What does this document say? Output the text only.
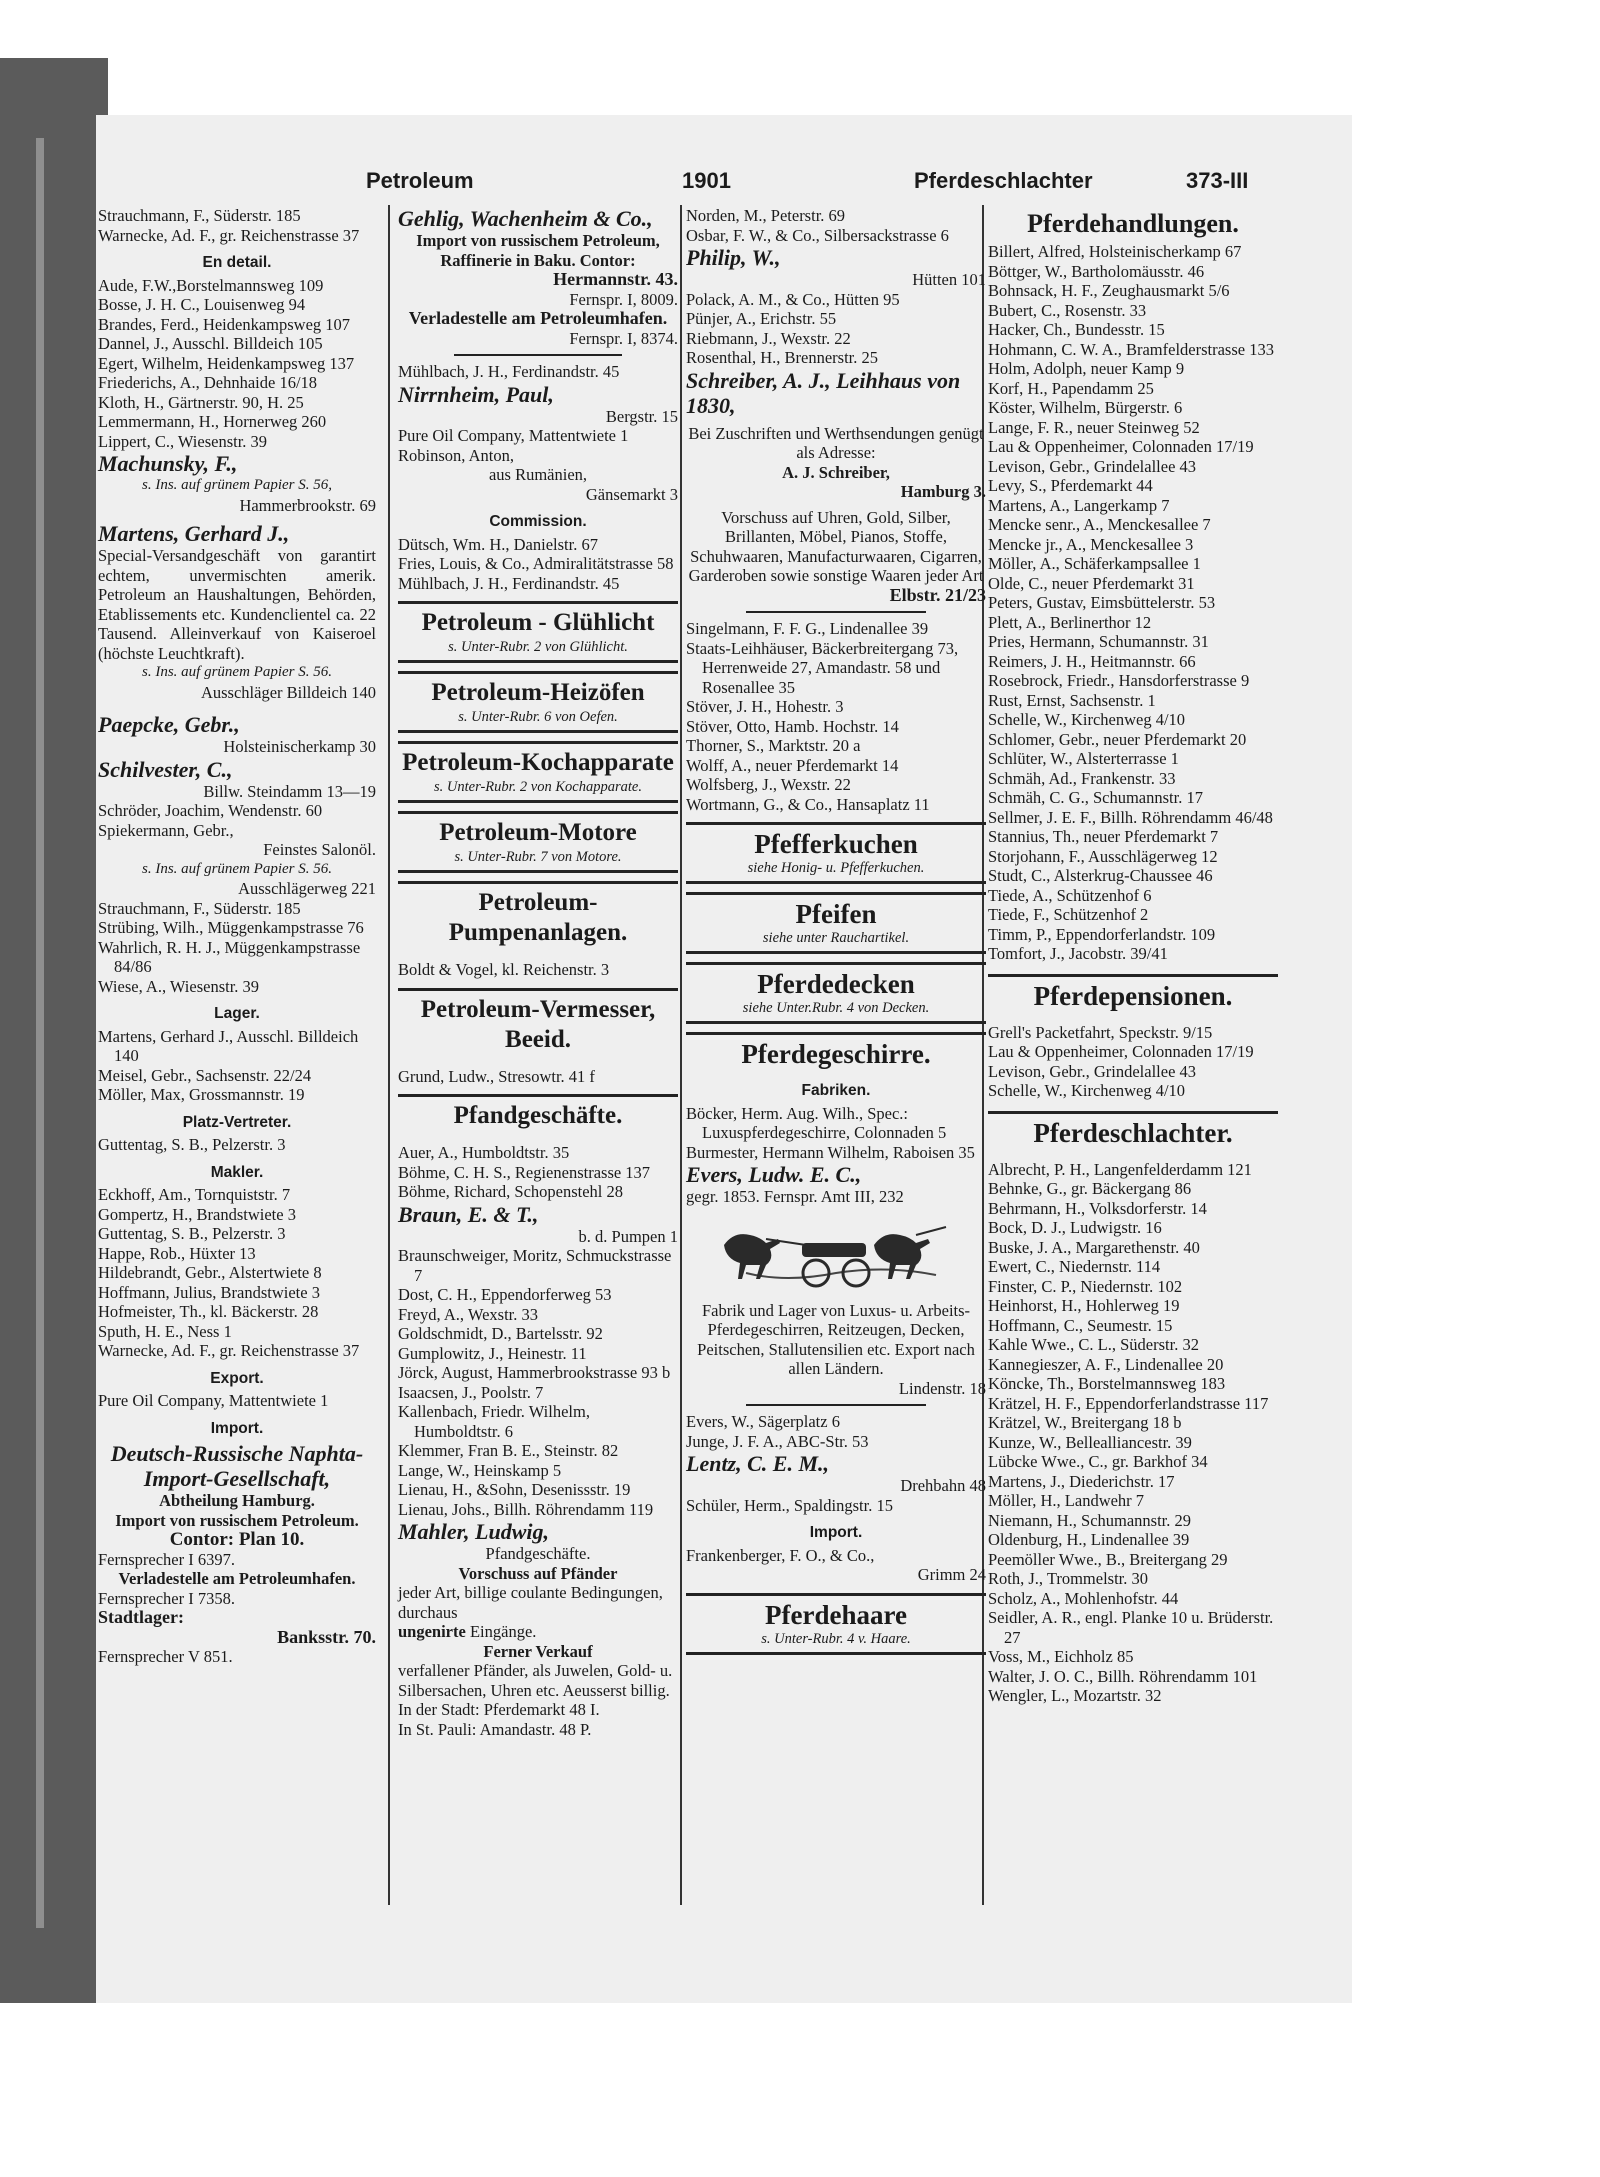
Petroleum	1901	Pferdeschlachter	373-III
Strauchmann, F., Süderstr. 185
Warnecke, Ad. F., gr. Reichenstrasse 37
En detail.
Aude, F.W.,Borstelmannsweg 109
Bosse, J. H. C., Louisenweg 94
Brandes, Ferd., Heidenkampsweg 107
Dannel, J., Ausschl. Billdeich 105
Egert, Wilhelm, Heidenkampsweg 137
Friederichs, A., Dehnhaide 16/18
Kloth, H., Gärtnerstr. 90, H. 25
Lemmermann, H., Hornerweg 260
Lippert, C., Wiesenstr. 39
Machunsky, F.,
s. Ins. auf grünem Papier S. 56,
Hammerbrookstr. 69
Martens, Gerhard J.,
Special-Versandgeschäft von garantirt echtem, unvermischten amerik. Petroleum an Haushaltungen, Behörden, Etablissements etc. Kundenclientel ca. 22 Tausend. Alleinverkauf von Kaiseroel (höchste Leuchtkraft).
s. Ins. auf grünem Papier S. 56.
Ausschläger Billdeich 140
Paepcke, Gebr.,
Holsteinischerkamp 30
Schilvester, C.,
Billw. Steindamm 13—19
Schröder, Joachim, Wendenstr. 60
Spiekermann, Gebr.,
Feinstes Salonöl.
s. Ins. auf grünem Papier S. 56.
Ausschlägerweg 221
Strauchmann, F., Süderstr. 185
Strübing, Wilh., Müggenkampstrasse 76
Wahrlich, R. H. J., Müggenkampstrasse 84/86
Wiese, A., Wiesenstr. 39
Lager.
Martens, Gerhard J., Ausschl. Billdeich 140
Meisel, Gebr., Sachsenstr. 22/24
Möller, Max, Grossmannstr. 19
Platz-Vertreter.
Guttentag, S. B., Pelzerstr. 3
Makler.
Eckhoff, Am., Tornquiststr. 7
Gompertz, H., Brandstwiete 3
Guttentag, S. B., Pelzerstr. 3
Happe, Rob., Hüxter 13
Hildebrandt, Gebr., Alstertwiete 8
Hoffmann, Julius, Brandstwiete 3
Hofmeister, Th., kl. Bäckerstr. 28
Sputh, H. E., Ness 1
Warnecke, Ad. F., gr. Reichenstrasse 37
Export.
Pure Oil Company, Mattentwiete 1
Import.
Deutsch-Russische Naphta-Import-Gesellschaft,
Abtheilung Hamburg.
Import von russischem Petroleum.
Contor: Plan 10.
Fernsprecher I 6397.
Verladestelle am Petroleumhafen.
Fernsprecher I 7358.
Stadtlager:
Banksstr. 70.
Fernsprecher V 851.
Gehlig, Wachenheim & Co.,
Import von russischem Petroleum, Raffinerie in Baku. Contor:
Hermannstr. 43.
Fernspr. I, 8009.
Verladestelle am Petroleumhafen.
Fernspr. I, 8374.
Mühlbach, J. H., Ferdinandstr. 45
Nirrnheim, Paul,
Bergstr. 15
Pure Oil Company, Mattentwiete 1
Robinson, Anton,
aus Rumänien,
Gänsemarkt 3
Commission.
Dütsch, Wm. H., Danielstr. 67
Fries, Louis, & Co., Admiralitätstrasse 58
Mühlbach, J. H., Ferdinandstr. 45
Petroleum - Glühlicht
s. Unter-Rubr. 2 von Glühlicht.
Petroleum-Heizöfen
s. Unter-Rubr. 6 von Oefen.
Petroleum-Kochapparate
s. Unter-Rubr. 2 von Kochapparate.
Petroleum-Motore
s. Unter-Rubr. 7 von Motore.
Petroleum-Pumpenanlagen.
Boldt & Vogel, kl. Reichenstr. 3
Petroleum-Vermesser, Beeid.
Grund, Ludw., Stresowtr. 41 f
Pfandgeschäfte.
Auer, A., Humboldtstr. 35
Böhme, C. H. S., Regienenstrasse 137
Böhme, Richard, Schopenstehl 28
Braun, E. & T.,
b. d. Pumpen 1
Braunschweiger, Moritz, Schmuckstrasse 7
Dost, C. H., Eppendorferweg 53
Freyd, A., Wexstr. 33
Goldschmidt, D., Bartelsstr. 92
Gumplowitz, J., Heinestr. 11
Jörck, August, Hammerbrookstrasse 93 b
Isaacsen, J., Poolstr. 7
Kallenbach, Friedr. Wilhelm, Humboldtstr. 6
Klemmer, Fran B. E., Steinstr. 82
Lange, W., Heinskamp 5
Lienau, H., &Sohn, Desenissstr. 19
Lienau, Johs., Billh. Röhrendamm 119
Mahler, Ludwig,
Pfandgeschäfte.
Vorschuss auf Pfänder
jeder Art, billige coulante Bedingungen, durchaus
ungenirte Eingänge.
Ferner Verkauf
verfallener Pfänder, als Juwelen, Gold- u. Silbersachen, Uhren etc. Aeusserst billig.
In der Stadt: Pferdemarkt 48 I.
In St. Pauli: Amandastr. 48 P.
Norden, M., Peterstr. 69
Osbar, F. W., & Co., Silbersackstrasse 6
Philip, W.,
Hütten 101
Polack, A. M., & Co., Hütten 95
Pünjer, A., Erichstr. 55
Riebmann, J., Wexstr. 22
Rosenthal, H., Brennerstr. 25
Schreiber, A. J., Leihhaus von 1830,
Bei Zuschriften und Werthsendungen genügt als Adresse:
A. J. Schreiber,
Hamburg 3.
Vorschuss auf Uhren, Gold, Silber, Brillanten, Möbel, Pianos, Stoffe, Schuhwaaren, Manufacturwaaren, Cigarren, Garderoben sowie sonstige Waaren jeder Art
Elbstr. 21/23
Singelmann, F. F. G., Lindenallee 39
Staats-Leihhäuser, Bäckerbreitergang 73, Herrenweide 27, Amandastr. 58 und Rosenallee 35
Stöver, J. H., Hohestr. 3
Stöver, Otto, Hamb. Hochstr. 14
Thorner, S., Marktstr. 20 a
Wolff, A., neuer Pferdemarkt 14
Wolfsberg, J., Wexstr. 22
Wortmann, G., & Co., Hansaplatz 11
Pfefferkuchen
siehe Honig- u. Pfefferkuchen.
Pfeifen
siehe unter Rauchartikel.
Pferdedecken
siehe Unter.Rubr. 4 von Decken.
Pferdegeschirre.
Fabriken.
Böcker, Herm. Aug. Wilh., Spec.: Luxuspferdegeschirre, Colonnaden 5
Burmester, Hermann Wilhelm, Raboisen 35
Evers, Ludw. E. C.,
gegr. 1853. Fernspr. Amt III, 232
Fabrik und Lager von Luxus- u. Arbeits-Pferdegeschirren, Reitzeugen, Decken, Peitschen, Stallutensilien etc. Export nach allen Ländern.
Lindenstr. 18
Evers, W., Sägerplatz 6
Junge, J. F. A., ABC-Str. 53
Lentz, C. E. M.,
Drehbahn 48
Schüler, Herm., Spaldingstr. 15
Import.
Frankenberger, F. O., & Co.,
Grimm 24
Pferdehaare
s. Unter-Rubr. 4 v. Haare.
Pferdehandlungen.
Billert, Alfred, Holsteinischerkamp 67
Böttger, W., Bartholomäusstr. 46
Bohnsack, H. F., Zeughausmarkt 5/6
Bubert, C., Rosenstr. 33
Hacker, Ch., Bundesstr. 15
Hohmann, C. W. A., Bramfelderstrasse 133
Holm, Adolph, neuer Kamp 9
Korf, H., Papendamm 25
Köster, Wilhelm, Bürgerstr. 6
Lange, F. R., neuer Steinweg 52
Lau & Oppenheimer, Colonnaden 17/19
Levison, Gebr., Grindelallee 43
Levy, S., Pferdemarkt 44
Martens, A., Langerkamp 7
Mencke senr., A., Menckesallee 7
Mencke jr., A., Menckesallee 3
Möller, A., Schäferkampsallee 1
Olde, C., neuer Pferdemarkt 31
Peters, Gustav, Eimsbüttelerstr. 53
Plett, A., Berlinerthor 12
Pries, Hermann, Schumannstr. 31
Reimers, J. H., Heitmannstr. 66
Rosebrock, Friedr., Hansdorferstrasse 9
Rust, Ernst, Sachsenstr. 1
Schelle, W., Kirchenweg 4/10
Schlomer, Gebr., neuer Pferdemarkt 20
Schlüter, W., Alsterterrasse 1
Schmäh, Ad., Frankenstr. 33
Schmäh, C. G., Schumannstr. 17
Sellmer, J. E. F., Billh. Röhrendamm 46/48
Stannius, Th., neuer Pferdemarkt 7
Storjohann, F., Ausschlägerweg 12
Studt, C., Alsterkrug-Chaussee 46
Tiede, A., Schützenhof 6
Tiede, F., Schützenhof 2
Timm, P., Eppendorferlandstr. 109
Tomfort, J., Jacobstr. 39/41
Pferdepensionen.
Grell's Packetfahrt, Speckstr. 9/15
Lau & Oppenheimer, Colonnaden 17/19
Levison, Gebr., Grindelallee 43
Schelle, W., Kirchenweg 4/10
Pferdeschlachter.
Albrecht, P. H., Langenfelderdamm 121
Behnke, G., gr. Bäckergang 86
Behrmann, H., Volksdorferstr. 14
Bock, D. J., Ludwigstr. 16
Buske, J. A., Margarethenstr. 40
Ewert, C., Niedernstr. 114
Finster, C. P., Niedernstr. 102
Heinhorst, H., Hohlerweg 19
Hoffmann, C., Seumestr. 15
Kahle Wwe., C. L., Süderstr. 32
Kannegieszer, A. F., Lindenallee 20
Köncke, Th., Borstelmannsweg 183
Krätzel, H. F., Eppendorferlandstrasse 117
Krätzel, W., Breitergang 18 b
Kunze, W., Bellealliancestr. 39
Lübcke Wwe., C., gr. Barkhof 34
Martens, J., Diederichstr. 17
Möller, H., Landwehr 7
Niemann, H., Schumannstr. 29
Oldenburg, H., Lindenallee 39
Peemöller Wwe., B., Breitergang 29
Roth, J., Trommelstr. 30
Scholz, A., Mohlenhofstr. 44
Seidler, A. R., engl. Planke 10 u. Brüderstr. 27
Voss, M., Eichholz 85
Walter, J. O. C., Billh. Röhrendamm 101
Wengler, L., Mozartstr. 32
